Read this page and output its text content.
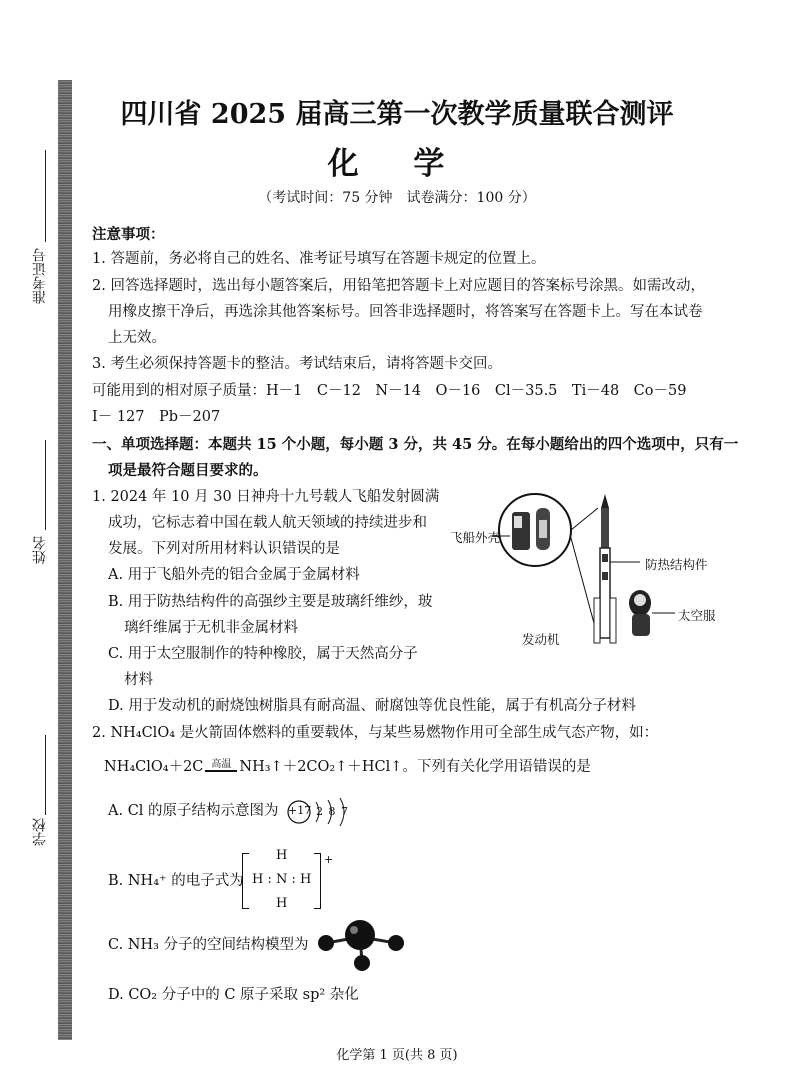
准考证号
姓名
学校
四川省 2025 届高三第一次教学质量联合测评
化 学
（考试时间：75 分钟　试卷满分：100 分）
注意事项：
1. 答题前，务必将自己的姓名、准考证号填写在答题卡规定的位置上。
2. 回答选择题时，选出每小题答案后，用铅笔把答题卡上对应题目的答案标号涂黑。如需改动，
用橡皮擦干净后，再选涂其他答案标号。回答非选择题时，将答案写在答题卡上。写在本试卷
上无效。
3. 考生必须保持答题卡的整洁。考试结束后，请将答题卡交回。
可能用到的相对原子质量：H－1　C－12　N－14　O－16　Cl－35.5　Ti－48　Co－59
I－ 127　Pb－207
一、单项选择题：本题共 15 个小题，每小题 3 分，共 45 分。在每小题给出的四个选项中，只有一
项是最符合题目要求的。
1. 2024 年 10 月 30 日神舟十九号载人飞船发射圆满
成功，它标志着中国在载人航天领域的持续进步和
发展。下列对所用材料认识错误的是
A. 用于飞船外壳的铝合金属于金属材料
B. 用于防热结构件的高强纱主要是玻璃纤维纱，玻
璃纤维属于无机非金属材料
C. 用于太空服制作的特种橡胶，属于天然高分子
材料
D. 用于发动机的耐烧蚀树脂具有耐高温、耐腐蚀等优良性能，属于有机高分子材料
飞船外壳
防热结构件
太空服
发动机
2. NH₄ClO₄ 是火箭固体燃料的重要载体，与某些易燃物作用可全部生成气态产物，如：
NH₄ClO₄＋2C 高温 NH₃↑＋2CO₂↑＋HCl↑。下列有关化学用语错误的是
A. Cl 的原子结构示意图为 +17 2 8 7
B. NH₄⁺ 的电子式为
H
H : N : H
H
+
C. NH₃ 分子的空间结构模型为
D. CO₂ 分子中的 C 原子采取 sp² 杂化
化学第 1 页(共 8 页)
